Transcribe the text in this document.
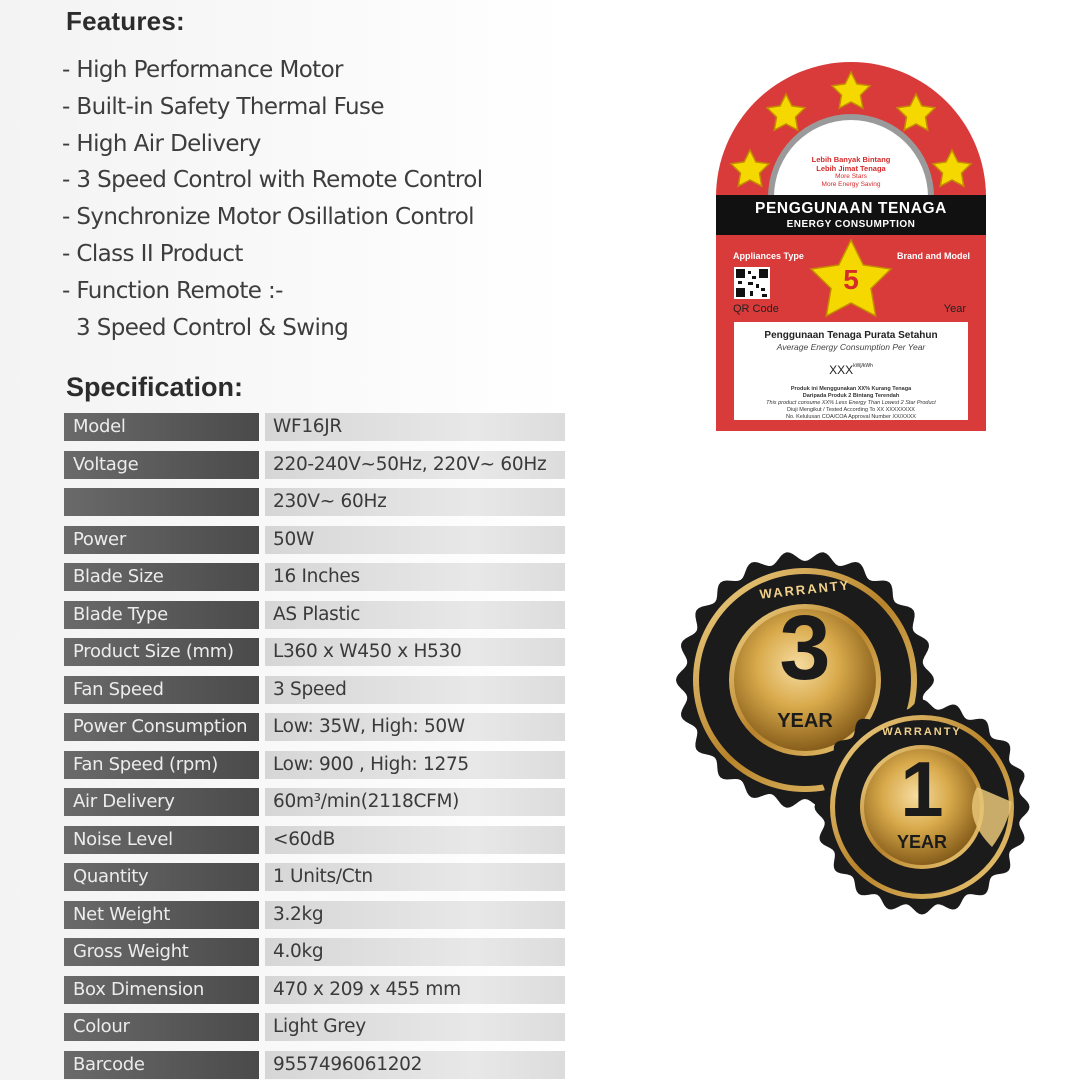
Features:
- High Performance Motor
- Built-in Safety Thermal Fuse
- High Air Delivery
- 3 Speed Control with Remote Control
- Synchronize Motor Osillation Control
- Class II Product
- Function Remote :-
3 Speed Control & Swing
Specification:
Model	WF16JR
Voltage	220-240V~50Hz, 220V~ 60Hz
230V~ 60Hz
Power	50W
Blade Size	16 Inches
Blade Type	AS Plastic
Product Size (mm)	L360 x W450 x H530
Fan Speed	3 Speed
Power Consumption	Low: 35W, High: 50W
Fan Speed (rpm)	Low: 900 , High: 1275
Air Delivery	60m³/min(2118CFM)
Noise Level	<60dB
Quantity	1 Units/Ctn
Net Weight	3.2kg
Gross Weight	4.0kg
Box Dimension	470 x 209 x 455 mm
Colour	Light Grey
Barcode	9557496061202
Lebih Banyak Bintang
Lebih Jimat Tenaga
More Stars
More Energy Saving
PENGGUNAAN TENAGA
ENERGY CONSUMPTION
Appliances Type	Brand and Model
5
QR Code	Year
Penggunaan Tenaga Purata Setahun
Average Energy Consumption Per Year
$XXX^{kWj/kWh}$
Produk ini Menggunakan XX% Kurang Tenaga
Daripada Produk 2 Bintang Terendah
This product consume XX% Less Energy Than Lowest 2 Star Product
Diuji Mengikut / Tested According To XX XXXXXXXX
No. Kelulusan COA/COA Approval Number XX/XXXX
3
YEAR
WARRANTY
1
YEAR
WARRANTY
